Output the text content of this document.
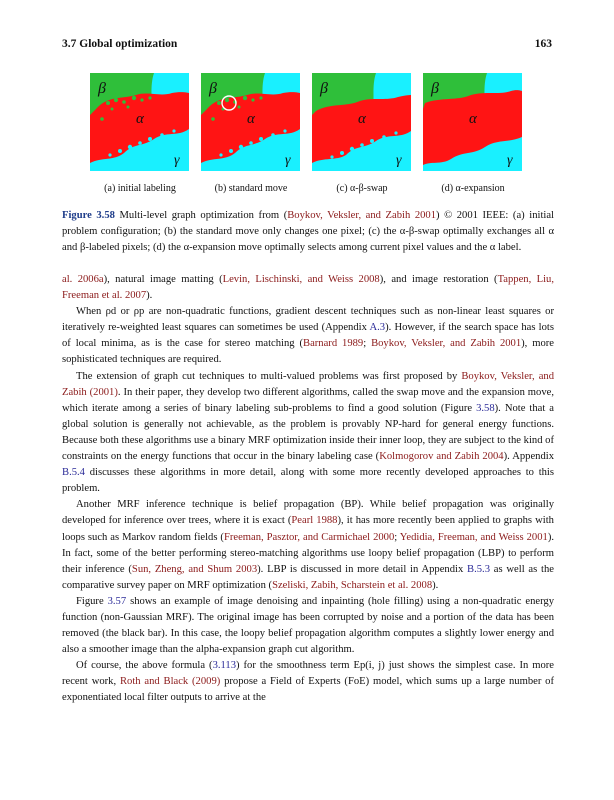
3.7 Global optimization	163
β
α
γ
β
α
γ
β
α
γ
β
α
γ
(a) initial labeling	(b) standard move	(c) α-β-swap	(d) α-expansion
Figure 3.58 Multi-level graph optimization from (Boykov, Veksler, and Zabih 2001) © 2001 IEEE: (a) initial problem configuration; (b) the standard move only changes one pixel; (c) the α-β-swap optimally exchanges all α and β-labeled pixels; (d) the α-expansion move optimally selects among current pixel values and the α label.

al. 2006a), natural image matting (Levin, Lischinski, and Weiss 2008), and image restoration (Tappen, Liu, Freeman et al. 2007).

When ρd or ρp are non-quadratic functions, gradient descent techniques such as non-linear least squares or iteratively re-weighted least squares can sometimes be used (Appendix A.3). However, if the search space has lots of local minima, as is the case for stereo matching (Barnard 1989; Boykov, Veksler, and Zabih 2001), more sophisticated techniques are required.

The extension of graph cut techniques to multi-valued problems was first proposed by Boykov, Veksler, and Zabih (2001). In their paper, they develop two different algorithms, called the swap move and the expansion move, which iterate among a series of binary labeling sub-problems to find a good solution (Figure 3.58). Note that a global solution is generally not achievable, as the problem is provably NP-hard for general energy functions. Because both these algorithms use a binary MRF optimization inside their inner loop, they are subject to the kind of constraints on the energy functions that occur in the binary labeling case (Kolmogorov and Zabih 2004). Appendix B.5.4 discusses these algorithms in more detail, along with some more recently developed approaches to this problem.

Another MRF inference technique is belief propagation (BP). While belief propagation was originally developed for inference over trees, where it is exact (Pearl 1988), it has more recently been applied to graphs with loops such as Markov random fields (Freeman, Pasztor, and Carmichael 2000; Yedidia, Freeman, and Weiss 2001). In fact, some of the better performing stereo-matching algorithms use loopy belief propagation (LBP) to perform their inference (Sun, Zheng, and Shum 2003). LBP is discussed in more detail in Appendix B.5.3 as well as the comparative survey paper on MRF optimization (Szeliski, Zabih, Scharstein et al. 2008).

Figure 3.57 shows an example of image denoising and inpainting (hole filling) using a non-quadratic energy function (non-Gaussian MRF). The original image has been corrupted by noise and a portion of the data has been removed (the black bar). In this case, the loopy belief propagation algorithm computes a slightly lower energy and also a smoother image than the alpha-expansion graph cut algorithm.

Of course, the above formula (3.113) for the smoothness term Ep(i, j) just shows the simplest case. In more recent work, Roth and Black (2009) propose a Field of Experts (FoE) model, which sums up a large number of exponentiated local filter outputs to arrive at the
